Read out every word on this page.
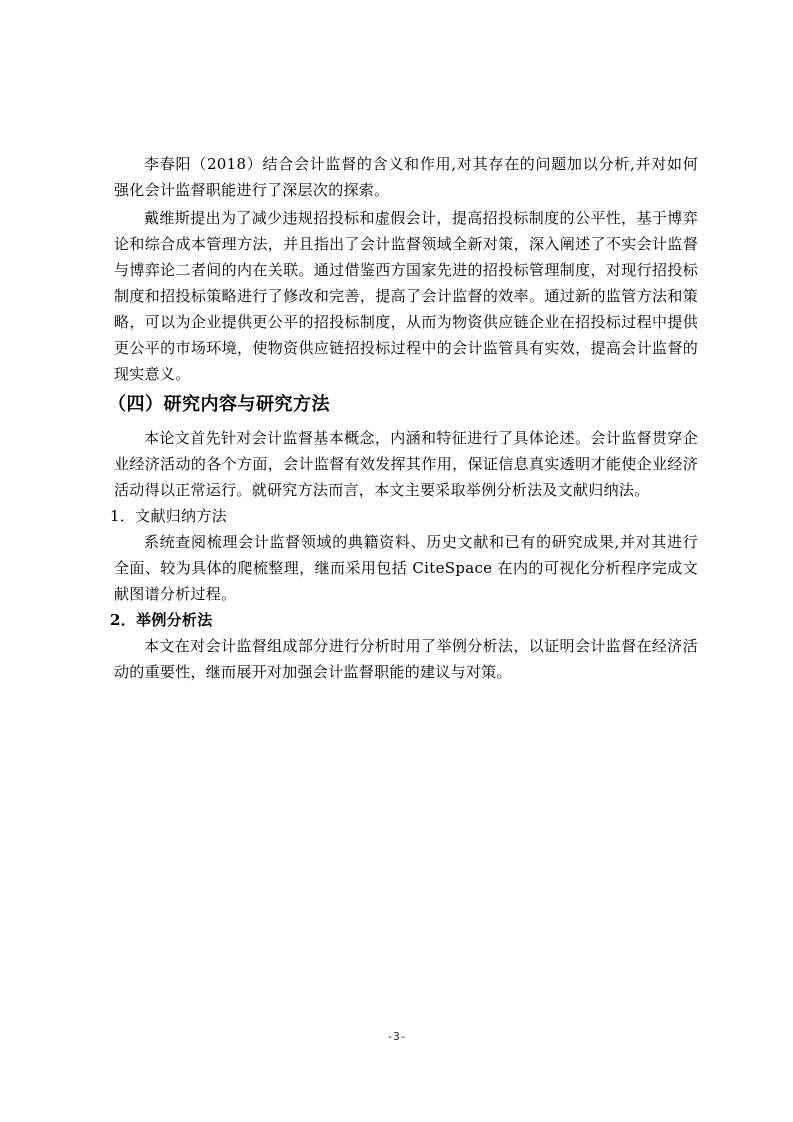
李春阳（2018）结合会计监督的含义和作用,对其存在的问题加以分析,并对如何强化会计监督职能进行了深层次的探索。

戴维斯提出为了减少违规招投标和虚假会计，提高招投标制度的公平性，基于博弈论和综合成本管理方法，并且指出了会计监督领域全新对策，深入阐述了不实会计监督与博弈论二者间的内在关联。通过借鉴西方国家先进的招投标管理制度，对现行招投标制度和招投标策略进行了修改和完善，提高了会计监督的效率。通过新的监管方法和策略，可以为企业提供更公平的招投标制度，从而为物资供应链企业在招投标过程中提供更公平的市场环境，使物资供应链招投标过程中的会计监管具有实效，提高会计监督的现实意义。

（四）研究内容与研究方法

本论文首先针对会计监督基本概念，内涵和特征进行了具体论述。会计监督贯穿企业经济活动的各个方面，会计监督有效发挥其作用，保证信息真实透明才能使企业经济活动得以正常运行。就研究方法而言，本文主要采取举例分析法及文献归纳法。

1．文献归纳方法

系统查阅梳理会计监督领域的典籍资料、历史文献和已有的研究成果,并对其进行全面、较为具体的爬梳整理，继而采用包括 CiteSpace 在内的可视化分析程序完成文献图谱分析过程。

2．举例分析法

本文在对会计监督组成部分进行分析时用了举例分析法，以证明会计监督在经济活动的重要性，继而展开对加强会计监督职能的建议与对策。

-3-
